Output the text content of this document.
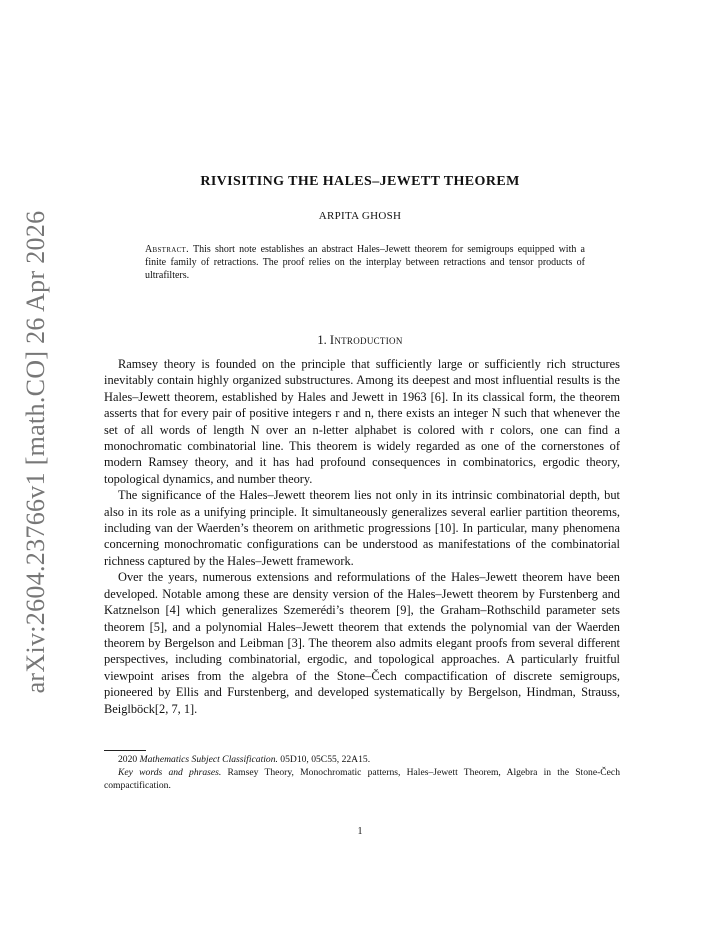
arXiv:2604.23766v1 [math.CO] 26 Apr 2026
RIVISITING THE HALES–JEWETT THEOREM
ARPITA GHOSH
Abstract. This short note establishes an abstract Hales–Jewett theorem for semigroups equipped with a finite family of retractions. The proof relies on the interplay between retractions and tensor products of ultrafilters.
1. Introduction

Ramsey theory is founded on the principle that sufficiently large or sufficiently rich structures inevitably contain highly organized substructures. Among its deepest and most influential results is the Hales–Jewett theorem, established by Hales and Jewett in 1963 [6]. In its classical form, the theorem asserts that for every pair of positive integers r and n, there exists an integer N such that whenever the set of all words of length N over an n-letter alphabet is colored with r colors, one can find a monochromatic combinatorial line. This theorem is widely regarded as one of the cornerstones of modern Ramsey theory, and it has had profound consequences in combinatorics, ergodic theory, topological dynamics, and number theory.

The significance of the Hales–Jewett theorem lies not only in its intrinsic combinatorial depth, but also in its role as a unifying principle. It simultaneously generalizes several earlier partition theorems, including van der Waerden’s theorem on arithmetic progressions [10]. In particular, many phenomena concerning monochromatic configurations can be understood as manifestations of the combinatorial richness captured by the Hales–Jewett framework.

Over the years, numerous extensions and reformulations of the Hales–Jewett theorem have been developed. Notable among these are density version of the Hales–Jewett theorem by Furstenberg and Katznelson [4] which generalizes Szemerédi’s theorem [9], the Graham–Rothschild parameter sets theorem [5], and a polynomial Hales–Jewett theorem that extends the polynomial van der Waerden theorem by Bergelson and Leibman [3]. The theorem also admits elegant proofs from several different perspectives, including combinatorial, ergodic, and topological approaches. A particularly fruitful viewpoint arises from the algebra of the Stone–Čech compactification of discrete semigroups, pioneered by Ellis and Furstenberg, and developed systematically by Bergelson, Hindman, Strauss, Beiglböck[2, 7, 1].

2020 Mathematics Subject Classification. 05D10, 05C55, 22A15.

Key words and phrases. Ramsey Theory, Monochromatic patterns, Hales–Jewett Theorem, Algebra in the Stone-Čech compactification.

1
